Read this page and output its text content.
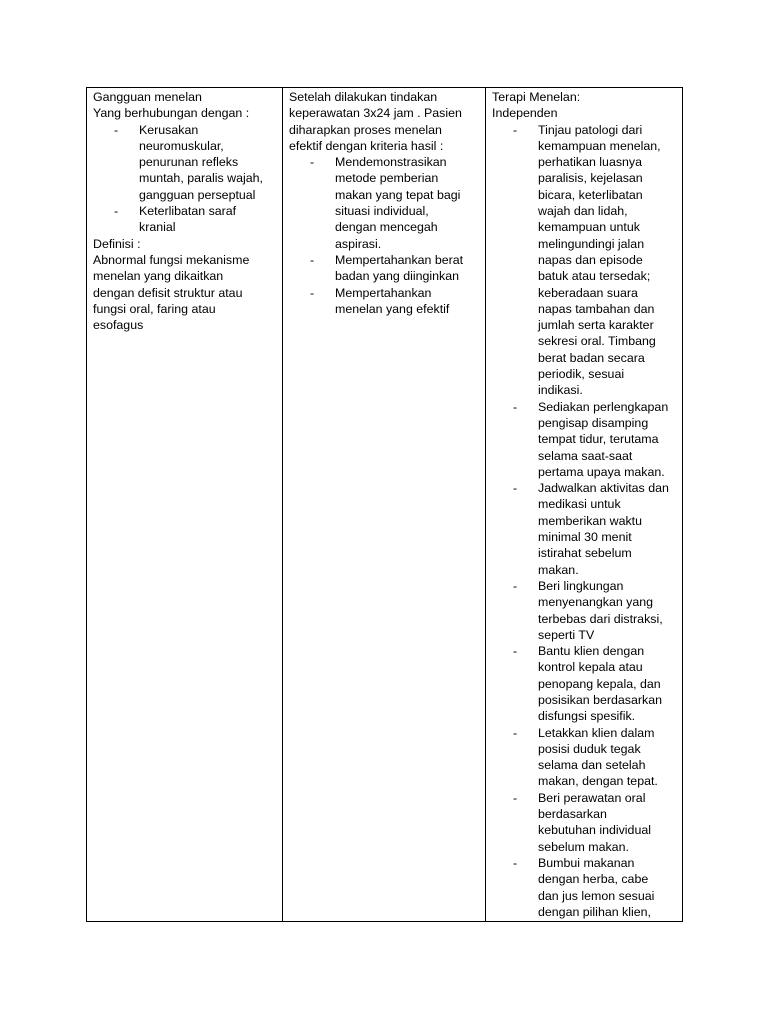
Gangguan menelan
Yang berhubungan dengan :
- Kerusakan
neuromuskular,
penurunan refleks
muntah, paralis wajah,
gangguan perseptual
- Keterlibatan saraf
kranial
Definisi :
Abnormal fungsi mekanisme
menelan yang dikaitkan
dengan defisit struktur atau
fungsi oral, faring atau
esofagus

Setelah dilakukan tindakan
keperawatan 3x24 jam . Pasien
diharapkan proses menelan
efektif dengan kriteria hasil :
- Mendemonstrasikan
metode pemberian
makan yang tepat bagi
situasi individual,
dengan mencegah
aspirasi.
- Mempertahankan berat
badan yang diinginkan
- Mempertahankan
menelan yang efektif

Terapi Menelan:
Independen
- Tinjau patologi dari
kemampuan menelan,
perhatikan luasnya
paralisis, kejelasan
bicara, keterlibatan
wajah dan lidah,
kemampuan untuk
melingundingi jalan
napas dan episode
batuk atau tersedak;
keberadaan suara
napas tambahan dan
jumlah serta karakter
sekresi oral. Timbang
berat badan secara
periodik, sesuai
indikasi.
- Sediakan perlengkapan
pengisap disamping
tempat tidur, terutama
selama saat-saat
pertama upaya makan.
- Jadwalkan aktivitas dan
medikasi untuk
memberikan waktu
minimal 30 menit
istirahat sebelum
makan.
- Beri lingkungan
menyenangkan yang
terbebas dari distraksi,
seperti TV
- Bantu klien dengan
kontrol kepala atau
penopang kepala, dan
posisikan berdasarkan
disfungsi spesifik.
- Letakkan klien dalam
posisi duduk tegak
selama dan setelah
makan, dengan tepat.
- Beri perawatan oral
berdasarkan
kebutuhan individual
sebelum makan.
- Bumbui makanan
dengan herba, cabe
dan jus lemon sesuai
dengan pilihan klien,
